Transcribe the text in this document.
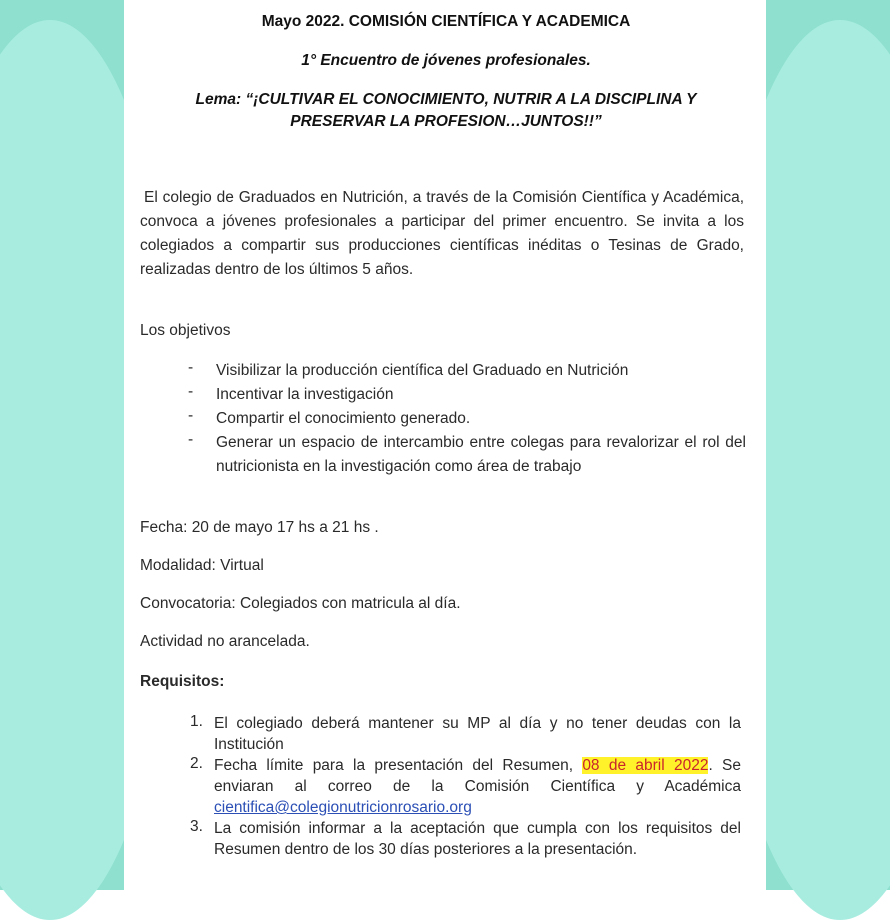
Mayo 2022. COMISIÓN CIENTÍFICA Y ACADEMICA
1° Encuentro de jóvenes profesionales.
Lema: “¡CULTIVAR EL CONOCIMIENTO, NUTRIR A LA DISCIPLINA Y
PRESERVAR LA PROFESION…JUNTOS!!”
El colegio de Graduados en Nutrición, a través de la Comisión Científica y Académica, convoca a jóvenes profesionales a participar del primer encuentro. Se invita a los colegiados a compartir sus producciones científicas inéditas o Tesinas de Grado, realizadas dentro de los últimos 5 años.
Los objetivos
- Visibilizar la producción científica del Graduado en Nutrición
- Incentivar la investigación
- Compartir el conocimiento generado.
- Generar un espacio de intercambio entre colegas para revalorizar el rol del nutricionista en la investigación como área de trabajo
Fecha: 20 de mayo 17 hs a 21 hs .
Modalidad: Virtual
Convocatoria: Colegiados con matricula al día.
Actividad no arancelada.
Requisitos:
1. El colegiado deberá mantener su MP al día y no tener deudas con la Institución
2. Fecha límite para la presentación del Resumen, 08 de abril 2022. Se enviaran al correo de la Comisión Científica y Académica cientifica@colegionutricionrosario.org
3. La comisión informar a la aceptación que cumpla con los requisitos del Resumen dentro de los 30 días posteriores a la presentación.
